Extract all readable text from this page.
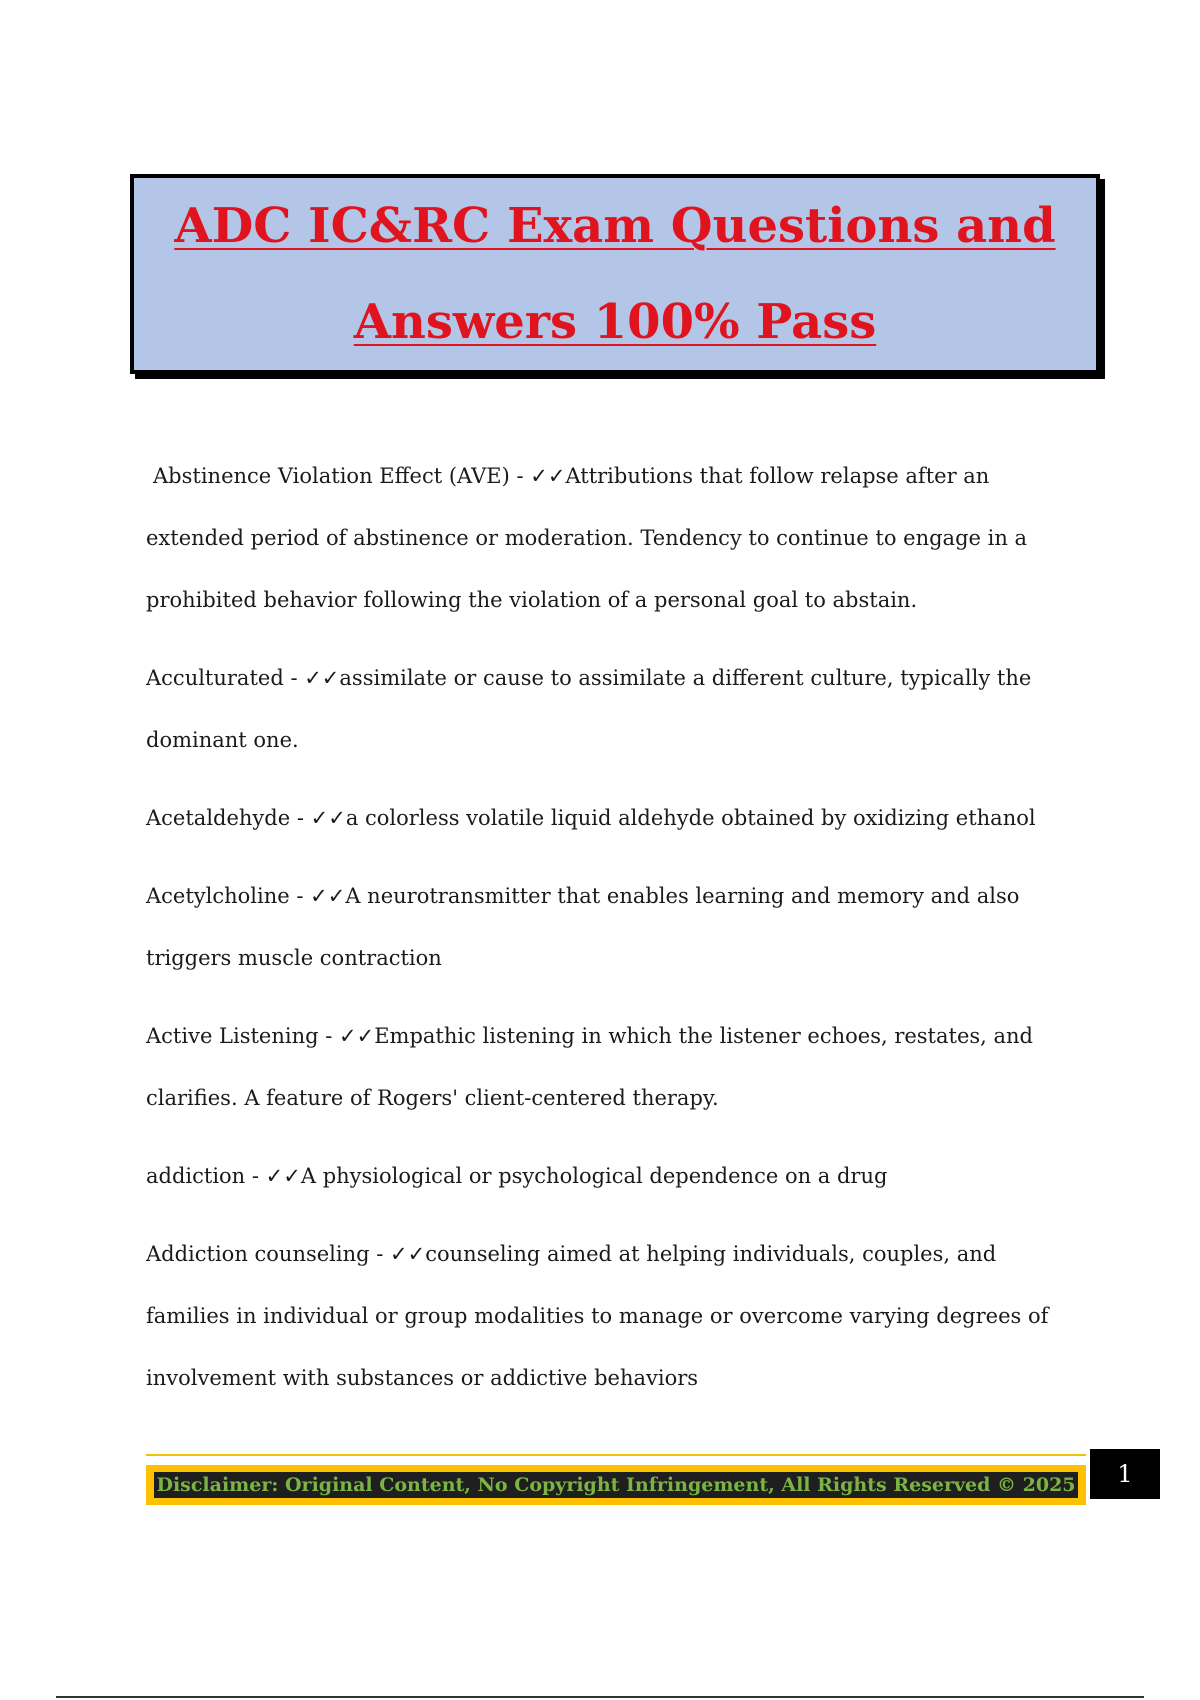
ADC IC&RC Exam Questions and
Answers 100% Pass

Abstinence Violation Effect (AVE) - ✓✓Attributions that follow relapse after an extended period of abstinence or moderation. Tendency to continue to engage in a prohibited behavior following the violation of a personal goal to abstain.

Acculturated - ✓✓assimilate or cause to assimilate a different culture, typically the dominant one.

Acetaldehyde - ✓✓a colorless volatile liquid aldehyde obtained by oxidizing ethanol

Acetylcholine - ✓✓A neurotransmitter that enables learning and memory and also triggers muscle contraction

Active Listening - ✓✓Empathic listening in which the listener echoes, restates, and clarifies. A feature of Rogers' client-centered therapy.

addiction - ✓✓A physiological or psychological dependence on a drug

Addiction counseling - ✓✓counseling aimed at helping individuals, couples, and families in individual or group modalities to manage or overcome varying degrees of involvement with substances or addictive behaviors

Disclaimer: Original Content, No Copyright Infringement, All Rights Reserved © 2025	1
